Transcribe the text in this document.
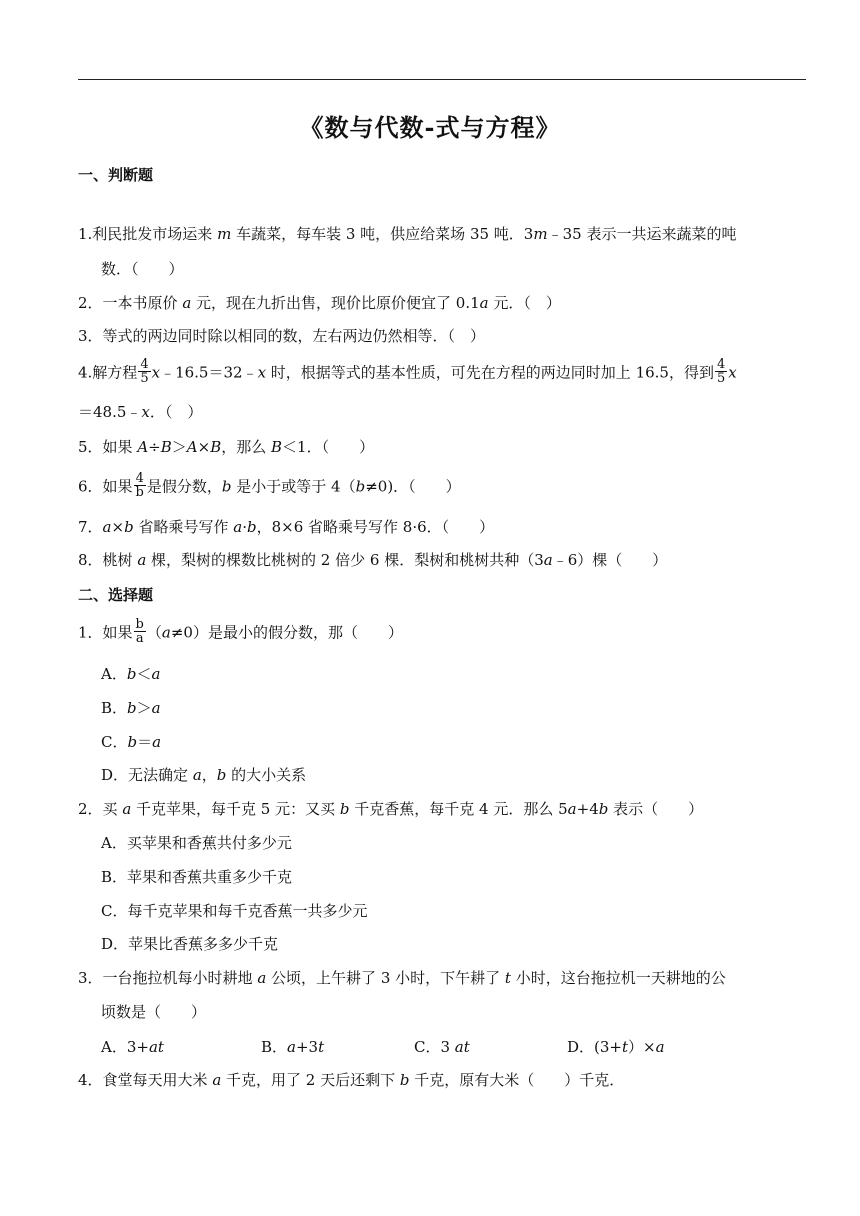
《数与代数-式与方程》
一、判断题
1.利民批发市场运来 m 车蔬菜，每车装 3 吨，供应给菜场 35 吨．3m﹣35 表示一共运来蔬菜的吨
数．（　　）
2．一本书原价 a 元，现在九折出售，现价比原价便宜了 0.1a 元．（　）
3．等式的两边同时除以相同的数，左右两边仍然相等．（　）
4.解方程 $\frac{4}{5}$ x﹣16.5＝32﹣x 时，根据等式的基本性质，可先在方程的两边同时加上 16.5，得到 $\frac{4}{5}$ x
＝48.5﹣x．（　）
5．如果 A÷B＞A×B，那么 B＜1．（　　）
6．如果 $\frac{4}{b}$ 是假分数，b 是小于或等于 4（b≠0)．（　　）
7．a×b 省略乘号写作 a·b，8×6 省略乘号写作 8·6．（　　）
8．桃树 a 棵，梨树的棵数比桃树的 2 倍少 6 棵．梨树和桃树共种（3a﹣6）棵（　　）
二、选择题
1．如果 $\frac{b}{a} (a\ne 0)$是最小的假分数，那（　　）
A．b＜a
B．b＞a
C．b＝a
D．无法确定 a，b 的大小关系
2．买 a 千克苹果，每千克 5 元：又买 b 千克香蕉，每千克 4 元．那么 5a+4b 表示（　　）
A．买苹果和香蕉共付多少元
B．苹果和香蕉共重多少千克
C．每千克苹果和每千克香蕉一共多少元
D．苹果比香蕉多多少千克
3．一台拖拉机每小时耕地 a 公顷，上午耕了 3 小时，下午耕了 t 小时，这台拖拉机一天耕地的公
顷数是（　　）
A．3+at	B．a+3t	C．3 at	D．(3+t）×a
4．食堂每天用大米 a 千克，用了 2 天后还剩下 b 千克，原有大米（　　）千克．
